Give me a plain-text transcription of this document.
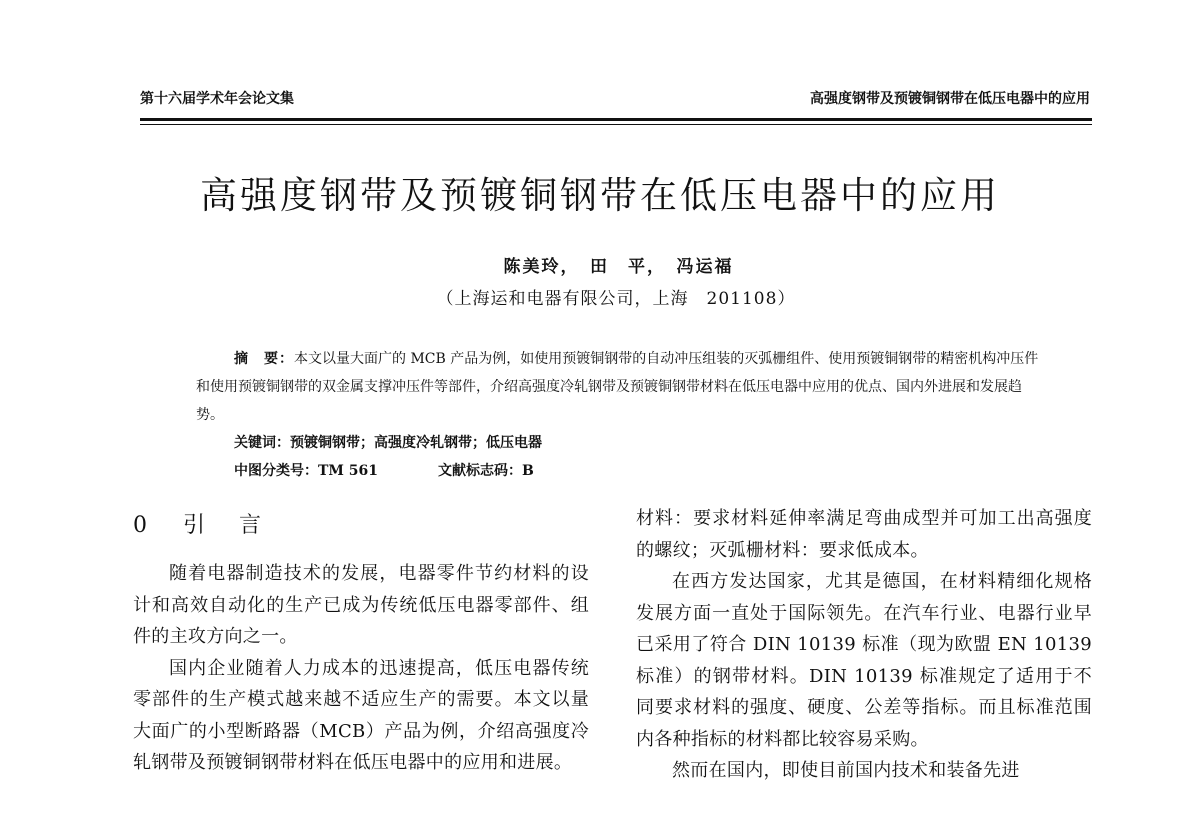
第十六届学术年会论文集	高强度钢带及预镀铜钢带在低压电器中的应用
高强度钢带及预镀铜钢带在低压电器中的应用
陈美玲，　田　平，　冯运福
（上海运和电器有限公司，上海　201108）

摘　要：本文以量大面广的 MCB 产品为例，如使用预镀铜钢带的自动冲压组装的灭弧栅组件、使用预镀铜钢带的精密机构冲压件和使用预镀铜钢带的双金属支撑冲压件等部件，介绍高强度冷轧钢带及预镀铜钢带材料在低压电器中应用的优点、国内外进展和发展趋势。

关键词：预镀铜钢带；高强度冷轧钢带；低压电器

中图分类号：TM 561	文献标志码：B

0 引 言

随着电器制造技术的发展，电器零件节约材料的设计和高效自动化的生产已成为传统低压电器零部件、组件的主攻方向之一。

国内企业随着人力成本的迅速提高，低压电器传统零部件的生产模式越来越不适应生产的需要。本文以量大面广的小型断路器（MCB）产品为例，介绍高强度冷轧钢带及预镀铜钢带材料在低压电器中的应用和进展。

材料：要求材料延伸率满足弯曲成型并可加工出高强度的螺纹；灭弧栅材料：要求低成本。

在西方发达国家，尤其是德国，在材料精细化规格发展方面一直处于国际领先。在汽车行业、电器行业早已采用了符合 DIN 10139 标准（现为欧盟 EN 10139 标准）的钢带材料。DIN 10139 标准规定了适用于不同要求材料的强度、硬度、公差等指标。而且标准范围内各种指标的材料都比较容易采购。

然而在国内，即使目前国内技术和装备先进
